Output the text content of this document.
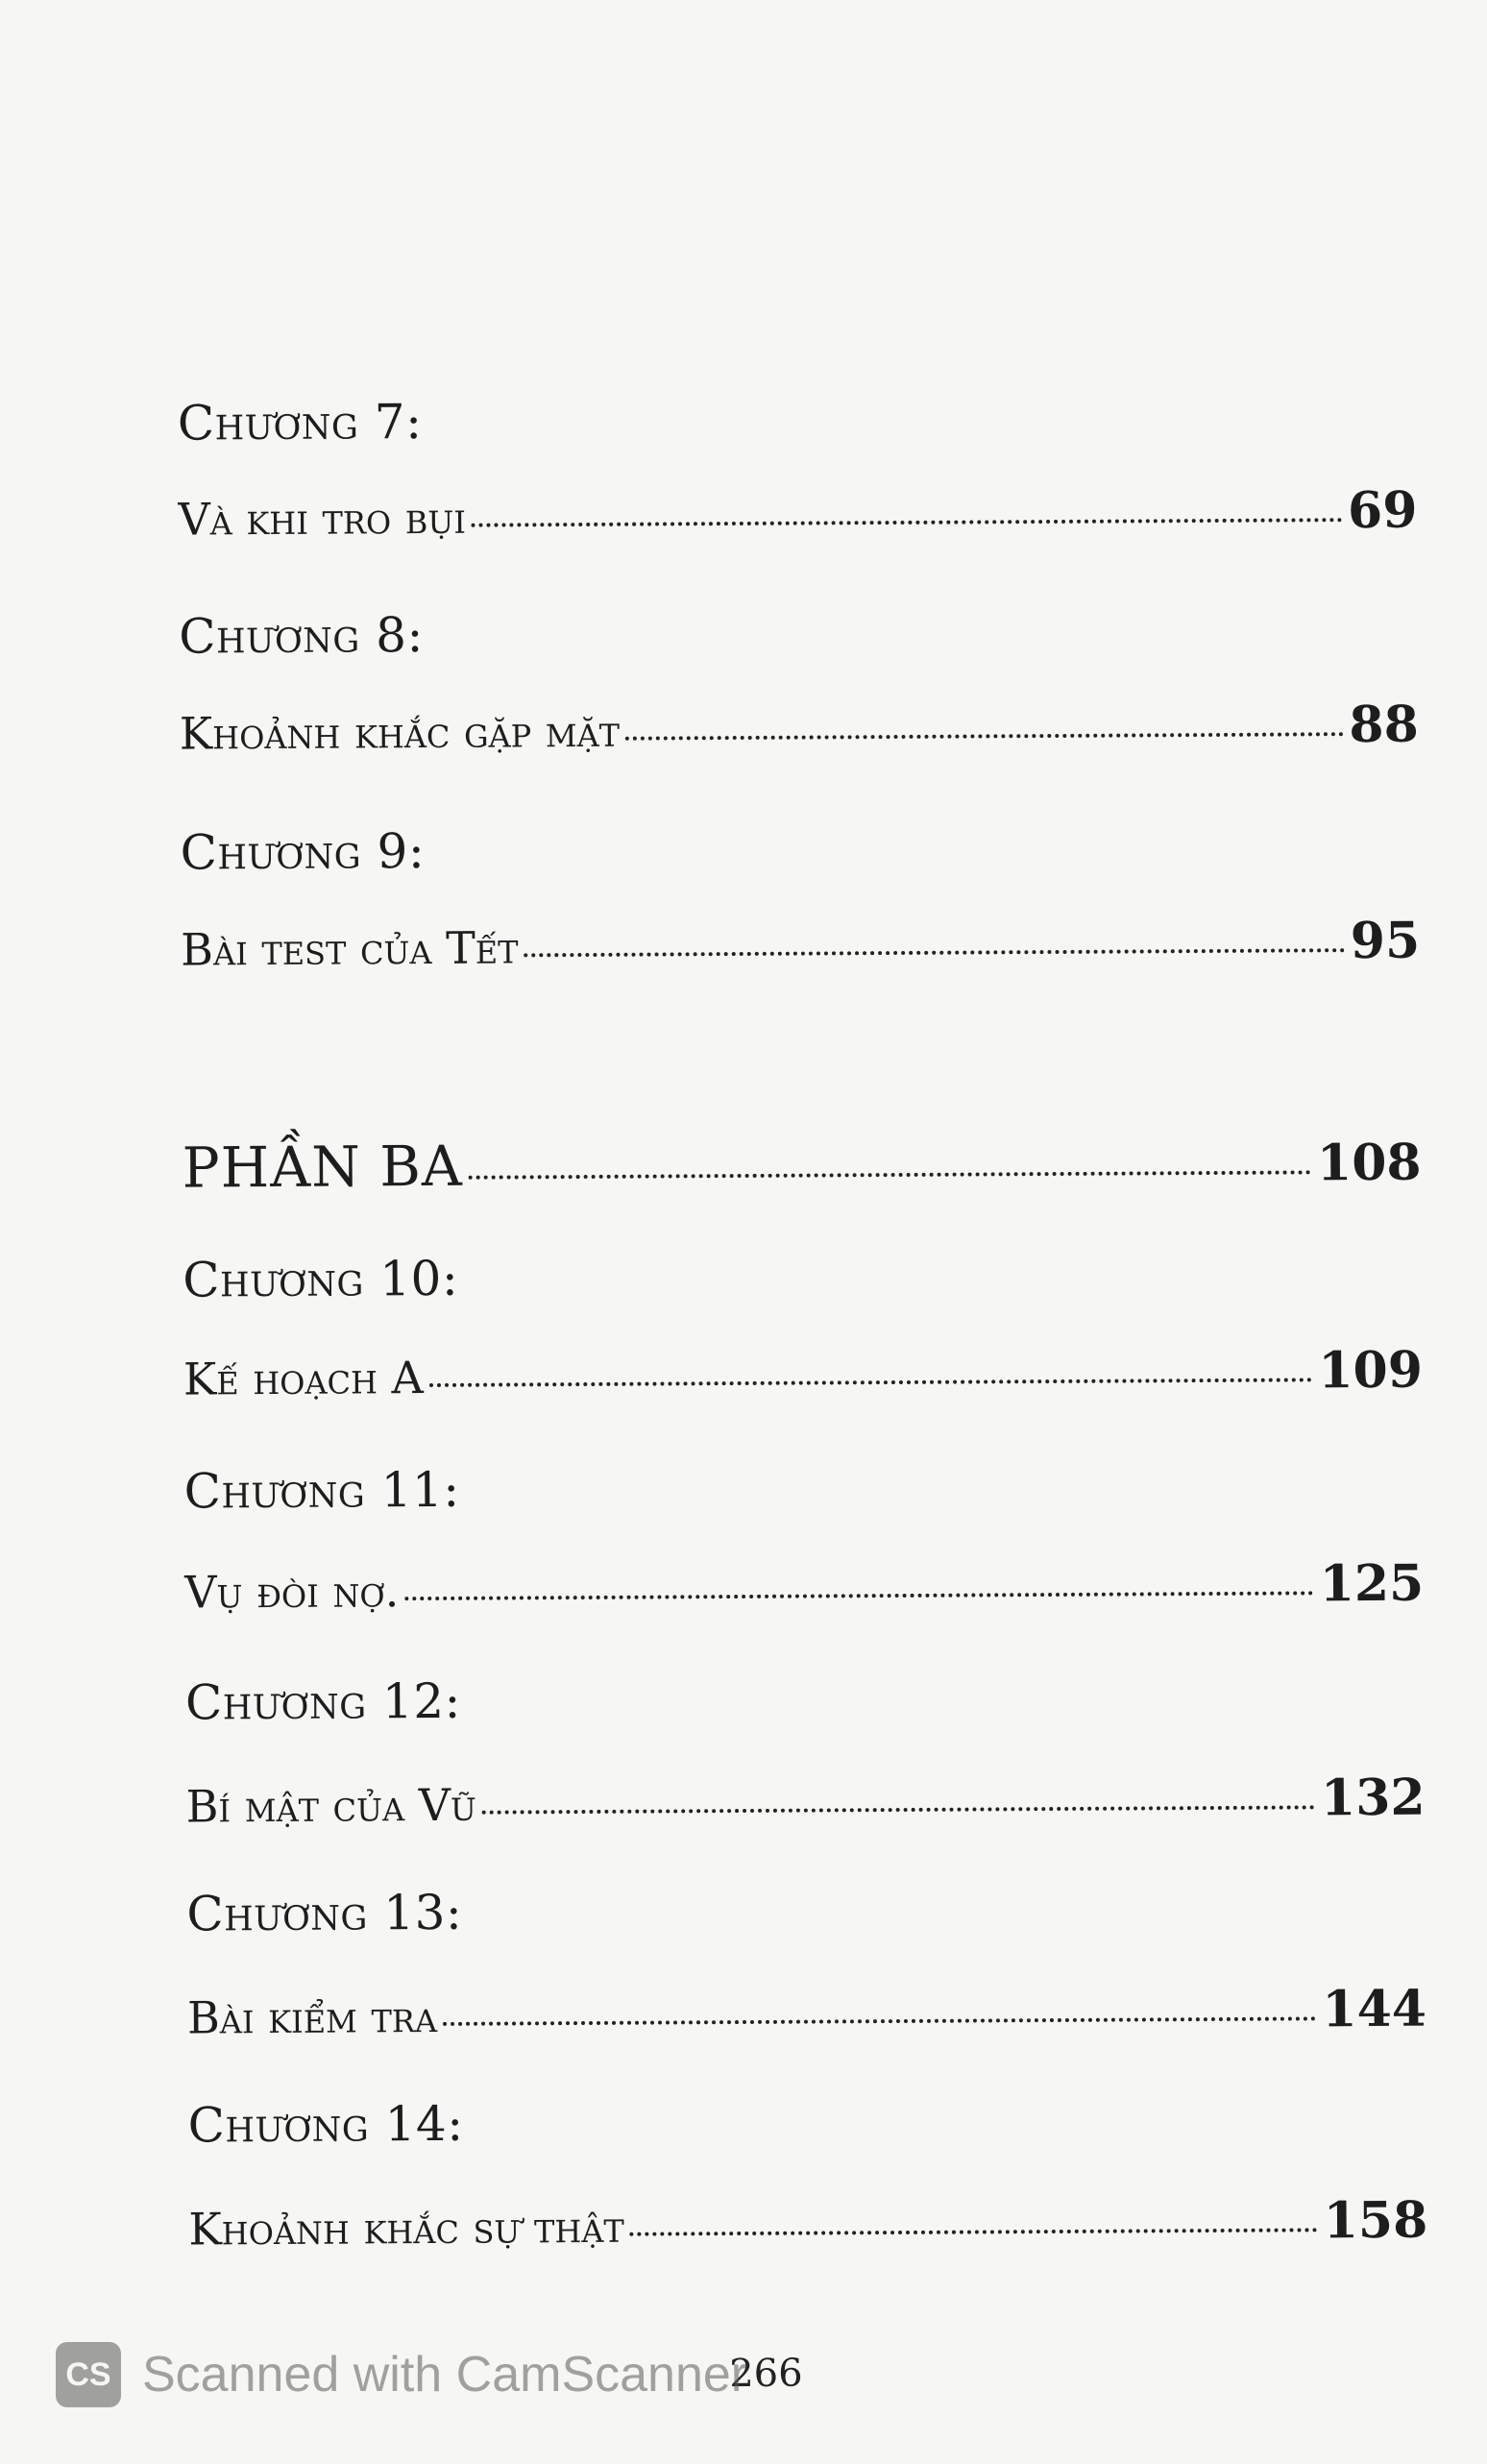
Chương 7:
Và khi tro bụi	69
Chương 8:
Khoảnh khắc gặp mặt	88
Chương 9:
Bài test của Tết	95
PHẦN BA	108
Chương 10:
Kế hoạch A	109
Chương 11:
Vụ đòi nợ.	125
Chương 12:
Bí mật của Vũ	132
Chương 13:
Bài kiểm tra	144
Chương 14:
Khoảnh khắc sự thật	158
266
CS Scanned with CamScanner
